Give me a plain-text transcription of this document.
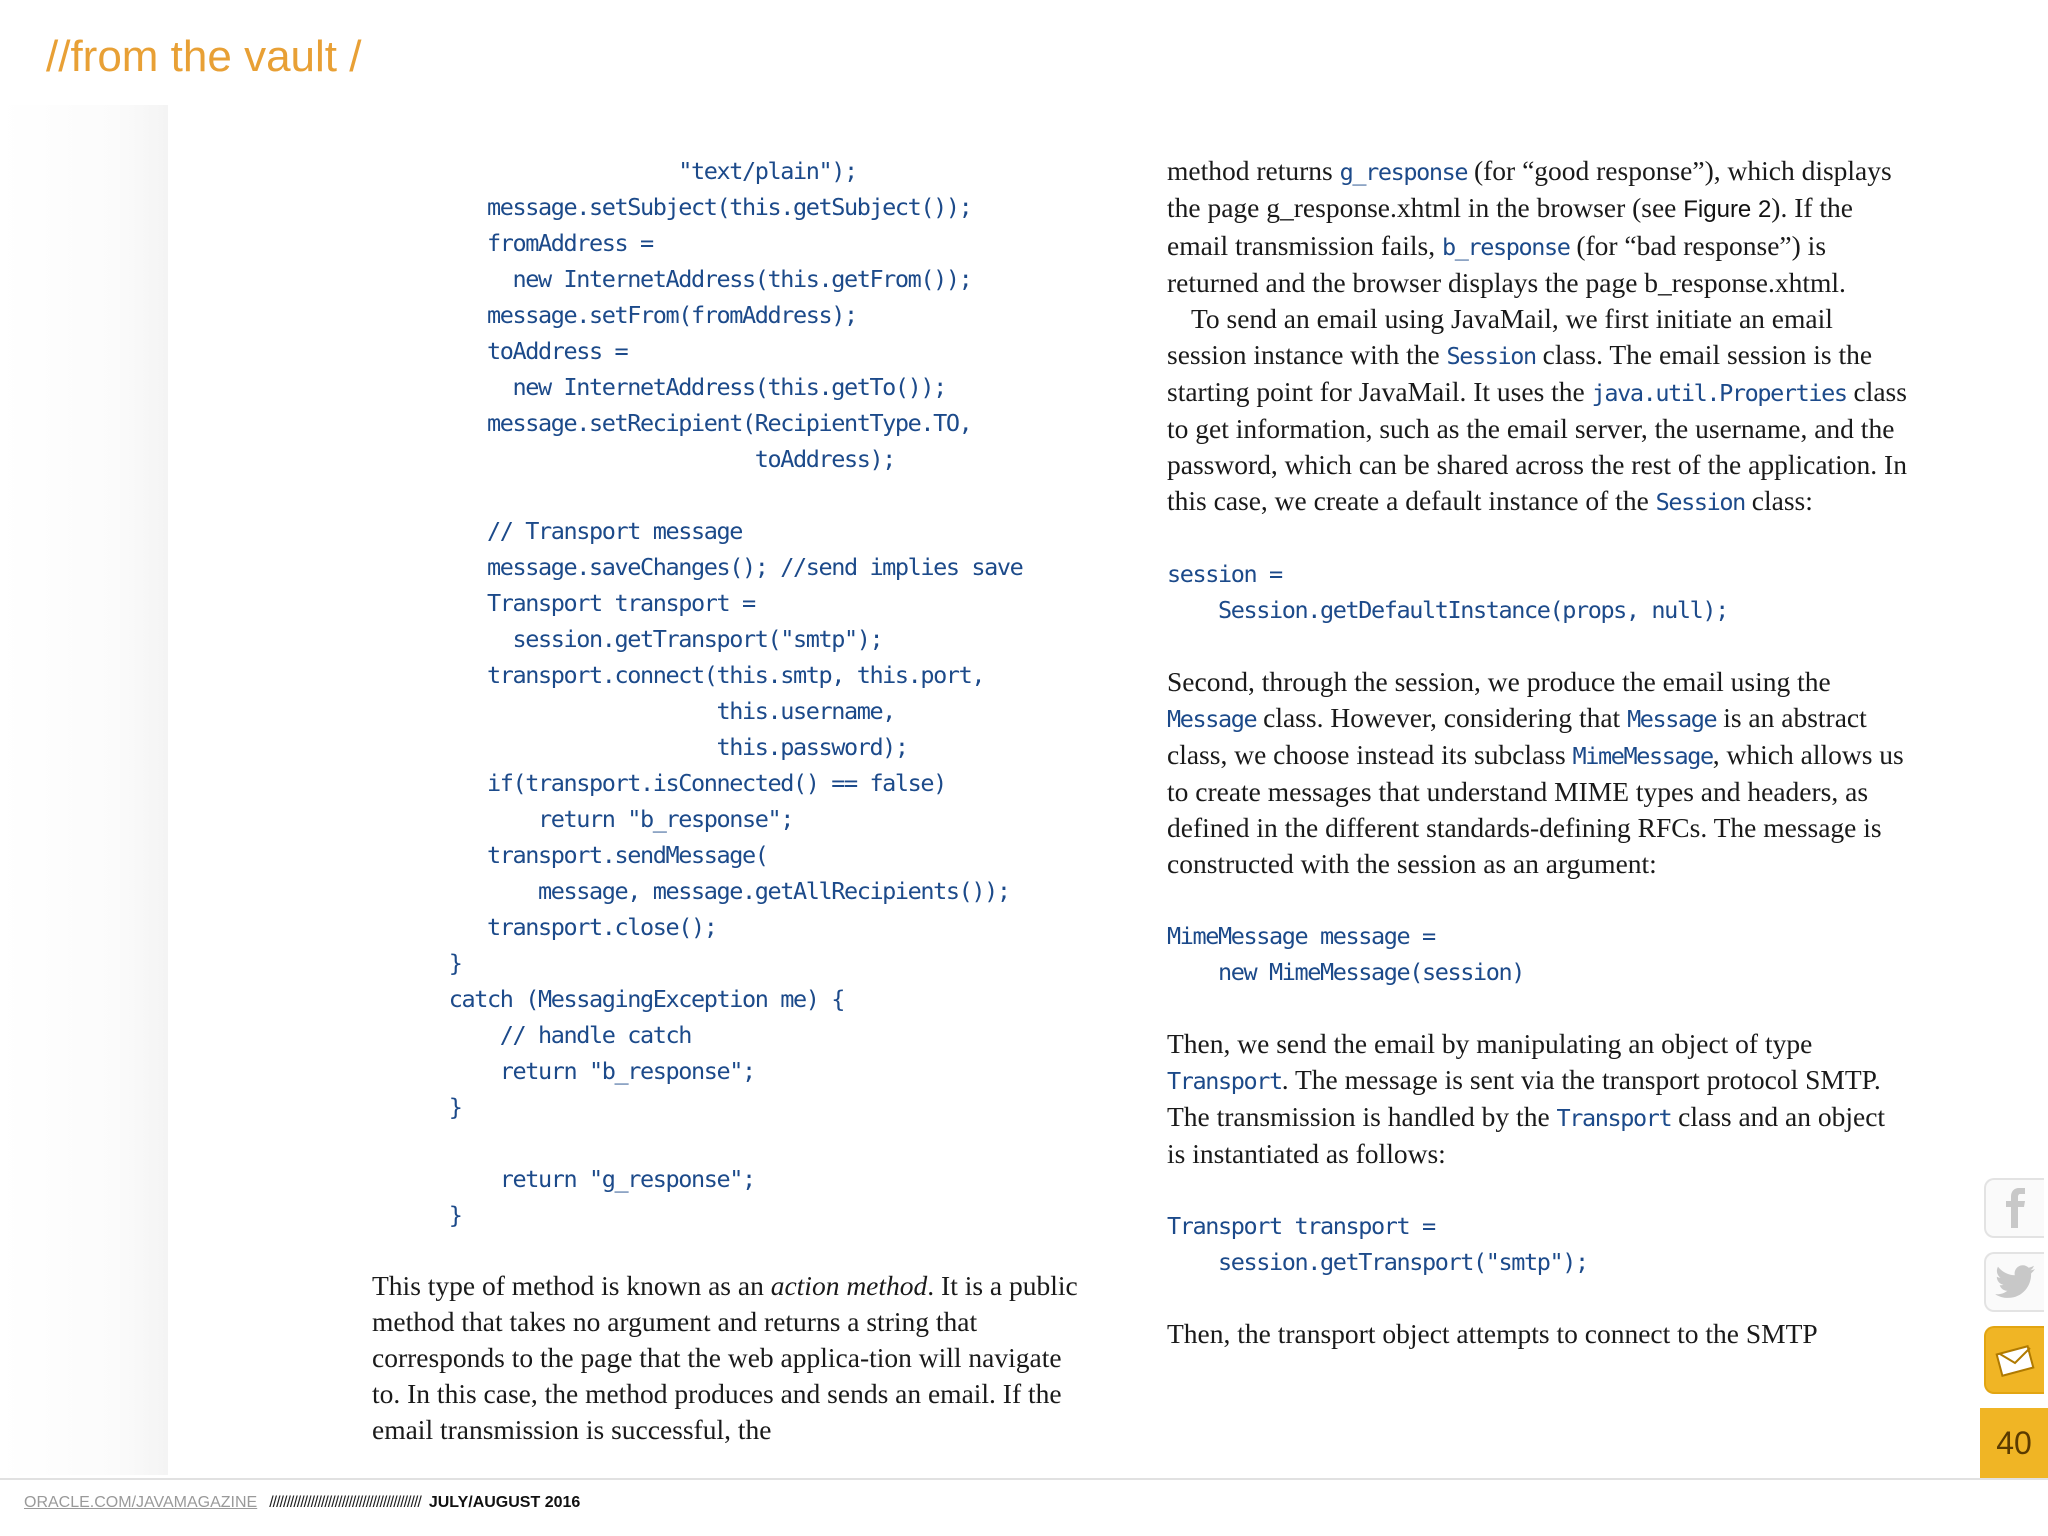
//from the vault /
"text/plain");
message.setSubject(this.getSubject());
fromAddress =
new InternetAddress(this.getFrom());
message.setFrom(fromAddress);
toAddress =
new InternetAddress(this.getTo());
message.setRecipient(RecipientType.TO,
toAddress);

// Transport message
message.saveChanges(); //send implies save
Transport transport =
session.getTransport("smtp");
transport.connect(this.smtp, this.port,
this.username,
this.password);
if(transport.isConnected() == false)
return "b_response";
transport.sendMessage(
message, message.getAllRecipients());
transport.close();
}
catch (MessagingException me) {
// handle catch
return "b_response";
}

return "g_response";
}
This type of method is known as an action method. It is a public method that takes no argument and returns a string that corresponds to the page that the web applica-tion will navigate to. In this case, the method produces and sends an email. If the email transmission is successful, the

method returns g_response (for “good response”), which displays the page g_response.xhtml in the browser (see Figure 2). If the email transmission fails, b_response (for “bad response”) is returned and the browser displays the page b_response.xhtml.

To send an email using JavaMail, we first initiate an email session instance with the Session class. The email session is the starting point for JavaMail. It uses the java.util.Properties class to get information, such as the email server, the username, and the password, which can be shared across the rest of the application. In this case, we create a default instance of the Session class:

session =
Session.getDefaultInstance(props, null);

Second, through the session, we produce the email using the Message class. However, considering that Message is an abstract class, we choose instead its subclass MimeMessage, which allows us to create messages that understand MIME types and headers, as defined in the different standards-defining RFCs. The message is constructed with the session as an argument:

MimeMessage message =
new MimeMessage(session)

Then, we send the email by manipulating an object of type Transport. The message is sent via the transport protocol SMTP. The transmission is handled by the Transport class and an object is instantiated as follows:

Transport transport =
session.getTransport("smtp");

Then, the transport object attempts to connect to the SMTP

40
ORACLE.COM/JAVAMAGAZINE //////////////////////////////////////////// JULY/AUGUST 2016
